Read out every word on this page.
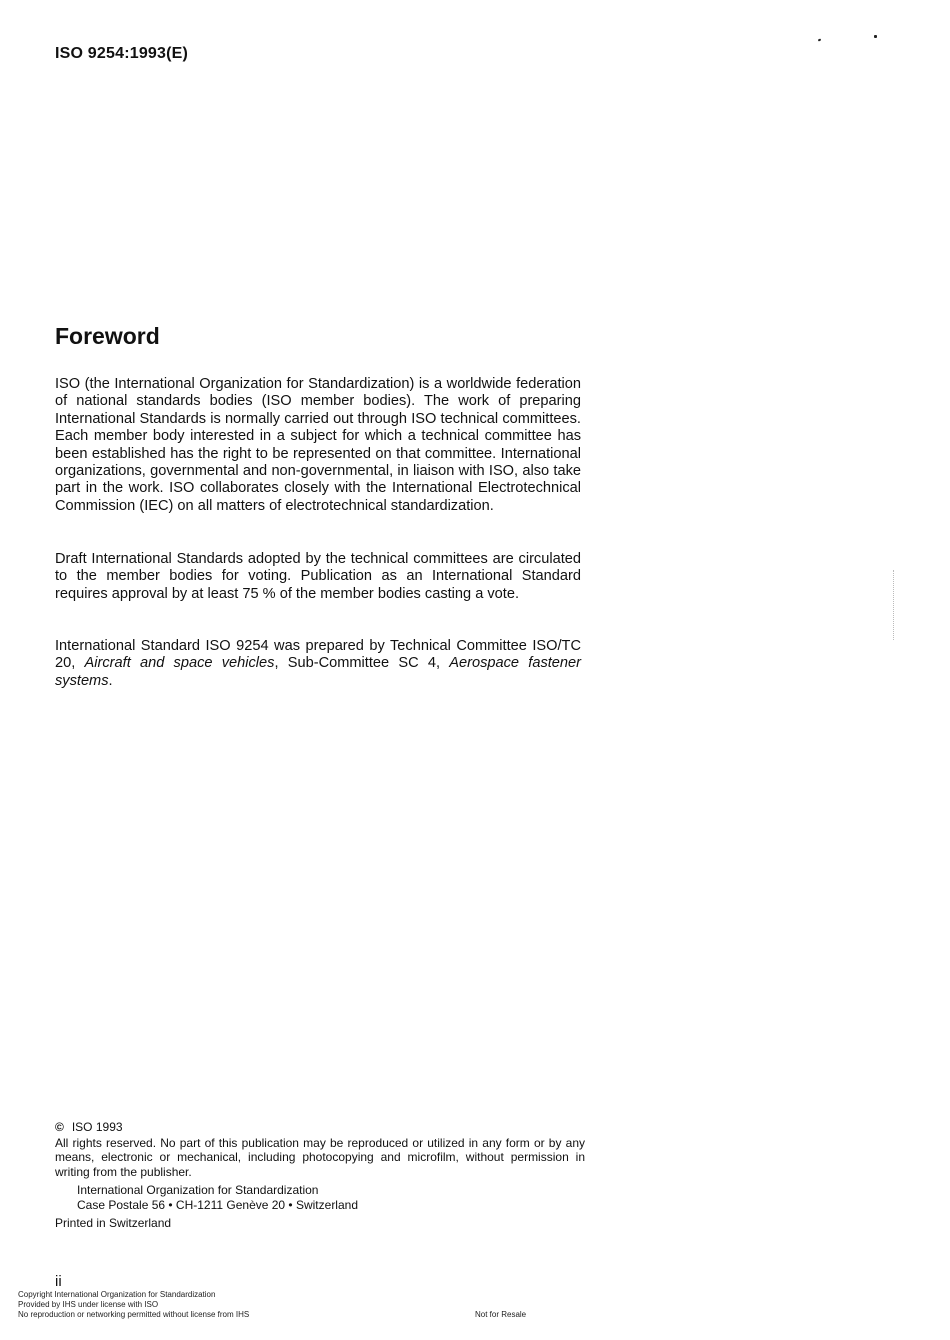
ISO 9254:1993(E)
Foreword

ISO (the International Organization for Standardization) is a worldwide federation of national standards bodies (ISO member bodies). The work of preparing International Standards is normally carried out through ISO technical committees. Each member body interested in a subject for which a technical committee has been established has the right to be represented on that committee. International organizations, governmental and non-governmental, in liaison with ISO, also take part in the work. ISO collaborates closely with the International Electrotechnical Commission (IEC) on all matters of electrotechnical standardization.

Draft International Standards adopted by the technical committees are circulated to the member bodies for voting. Publication as an International Standard requires approval by at least 75 % of the member bodies casting a vote.

International Standard ISO 9254 was prepared by Technical Committee ISO/TC 20, Aircraft and space vehicles, Sub-Committee SC 4, Aerospace fastener systems.

© ISO 1993

All rights reserved. No part of this publication may be reproduced or utilized in any form or by any means, electronic or mechanical, including photocopying and microfilm, without permission in writing from the publisher.

International Organization for Standardization
Case Postale 56 • CH-1211 Genève 20 • Switzerland

Printed in Switzerland

ii
Copyright International Organization for Standardization
Provided by IHS under license with ISO
No reproduction or networking permitted without license from IHS	Not for Resale
